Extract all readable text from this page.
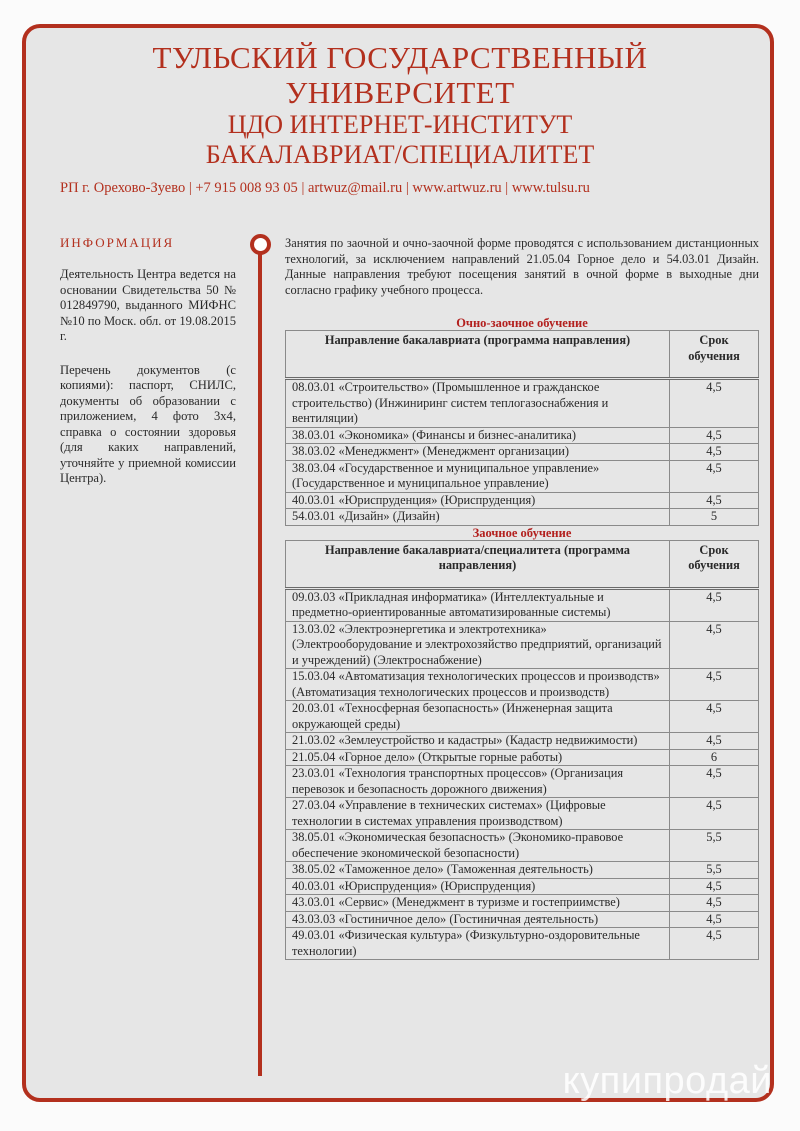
ТУЛЬСКИЙ ГОСУДАРСТВЕННЫЙ
УНИВЕРСИТЕТ
ЦДО ИНТЕРНЕТ-ИНСТИТУТ
БАКАЛАВРИАТ/СПЕЦИАЛИТЕТ
РП г. Орехово-Зуево | +7 915 008 93 05 | artwuz@mail.ru | www.artwuz.ru | www.tulsu.ru
ИНФОРМАЦИЯ

Деятельность Центра ведется на основании Свидетельства 50 № 012849790, выданного МИФНС №10 по Моск. обл. от 19.08.2015 г.

Перечень документов (с копиями): паспорт, СНИЛС, документы об образовании с приложением, 4 фото 3х4, справка о состоянии здоровья (для каких направлений, уточняйте у приемной комиссии Центра).

Занятия по заочной и очно-заочной форме проводятся с использованием дистанционных технологий, за исключением направлений 21.05.04 Горное дело и 54.03.01 Дизайн. Данные направления требуют посещения занятий в очной форме в выходные дни согласно графику учебного процесса.

Очно-заочное обучение
Направление бакалавриата (программа направления)	Срок обучения
08.03.01 «Строительство» (Промышленное и гражданское строительство) (Инжиниринг систем теплогазоснабжения и вентиляции)	4,5
38.03.01 «Экономика» (Финансы и бизнес-аналитика)	4,5
38.03.02 «Менеджмент» (Менеджмент организации)	4,5
38.03.04 «Государственное и муниципальное управление» (Государственное и муниципальное управление)	4,5
40.03.01 «Юриспруденция» (Юриспруденция)	4,5
54.03.01 «Дизайн» (Дизайн)	5
Заочное обучение
Направление бакалавриата/специалитета (программа направления)	Срок обучения
09.03.03 «Прикладная информатика» (Интеллектуальные и предметно-ориентированные автоматизированные системы)	4,5
13.03.02 «Электроэнергетика и электротехника» (Электрооборудование и электрохозяйство предприятий, организаций и учреждений) (Электроснабжение)	4,5
15.03.04 «Автоматизация технологических процессов и производств» (Автоматизация технологических процессов и производств)	4,5
20.03.01 «Техносферная безопасность» (Инженерная защита окружающей среды)	4,5
21.03.02 «Землеустройство и кадастры» (Кадастр недвижимости)	4,5
21.05.04 «Горное дело» (Открытые горные работы)	6
23.03.01 «Технология транспортных процессов» (Организация перевозок и безопасность дорожного движения)	4,5
27.03.04 «Управление в технических системах» (Цифровые технологии в системах управления производством)	4,5
38.05.01 «Экономическая безопасность» (Экономико-правовое обеспечение экономической безопасности)	5,5
38.05.02 «Таможенное дело» (Таможенная деятельность)	5,5
40.03.01 «Юриспруденция» (Юриспруденция)	4,5
43.03.01 «Сервис» (Менеджмент в туризме и гостеприимстве)	4,5
43.03.03 «Гостиничное дело» (Гостиничная деятельность)	4,5
49.03.01 «Физическая культура» (Физкультурно-оздоровительные технологии)	4,5
купипродай
